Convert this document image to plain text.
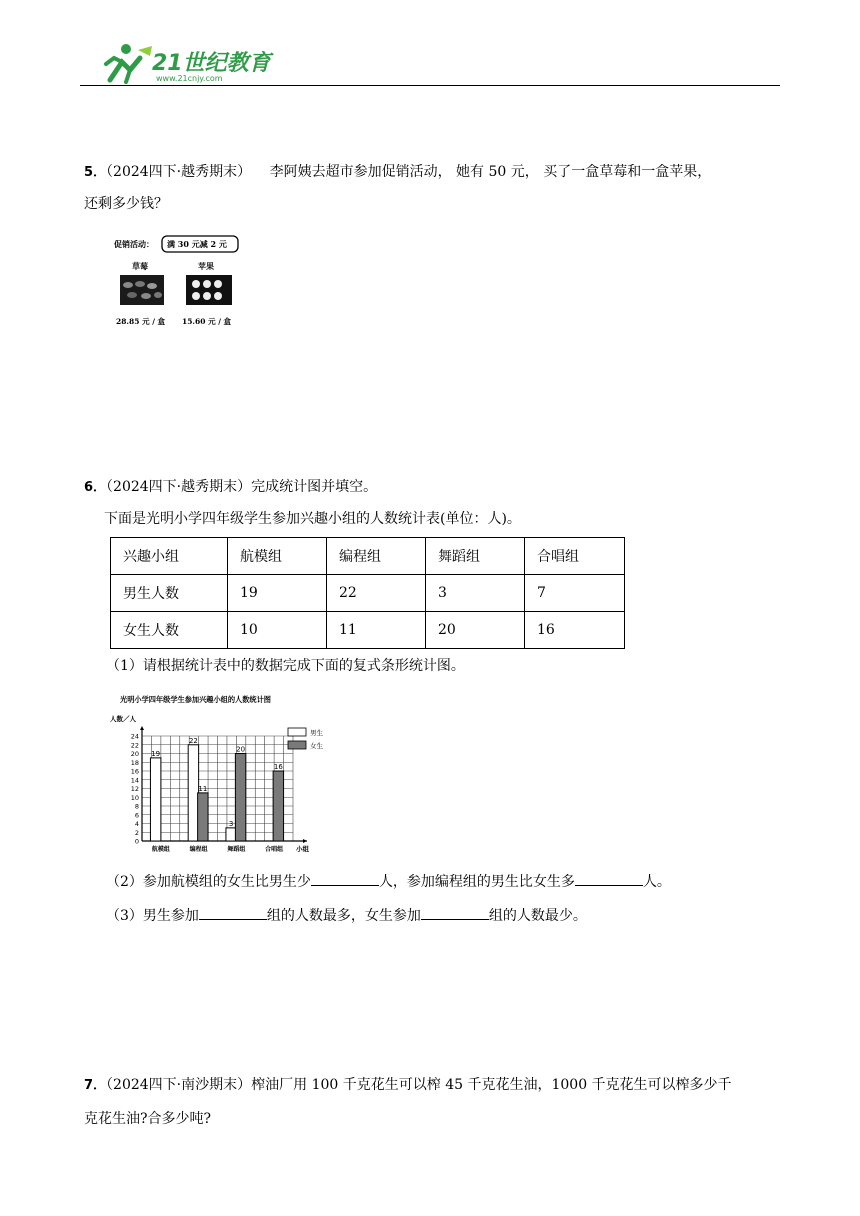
21世纪教育
www.21cnjy.com
5．（2024四下·越秀期末） 李阿姨去超市参加促销活动， 她有 50 元， 买了一盒草莓和一盒苹果，
还剩多少钱？
促销活动： 满 30 元减 2 元
草莓	苹果
28.85 元 / 盒 15.60 元 / 盒
6．（2024四下·越秀期末）完成统计图并填空。
下面是光明小学四年级学生参加兴趣小组的人数统计表(单位：人)。
兴趣小组	航模组	编程组	舞蹈组	合唱组
男生人数	19	22	3	7
女生人数	10	11	20	16
（1）请根据统计表中的数据完成下面的复式条形统计图。
光明小学四年级学生参加兴趣小组的人数统计图
人数／人
0
2
4
6
8
10
12
14
16
18
20
22
24
小组
19
航模组
22
11
编程组
3
20
舞蹈组
16
合唱组
男生
女生
（2）参加航模组的女生比男生少	人，参加编程组的男生比女生多	人。
（3）男生参加	组的人数最多，女生参加	组的人数最少。
7．（2024四下·南沙期末）榨油厂用 100 千克花生可以榨 45 千克花生油，1000 千克花生可以榨多少千
克花生油?合多少吨?
